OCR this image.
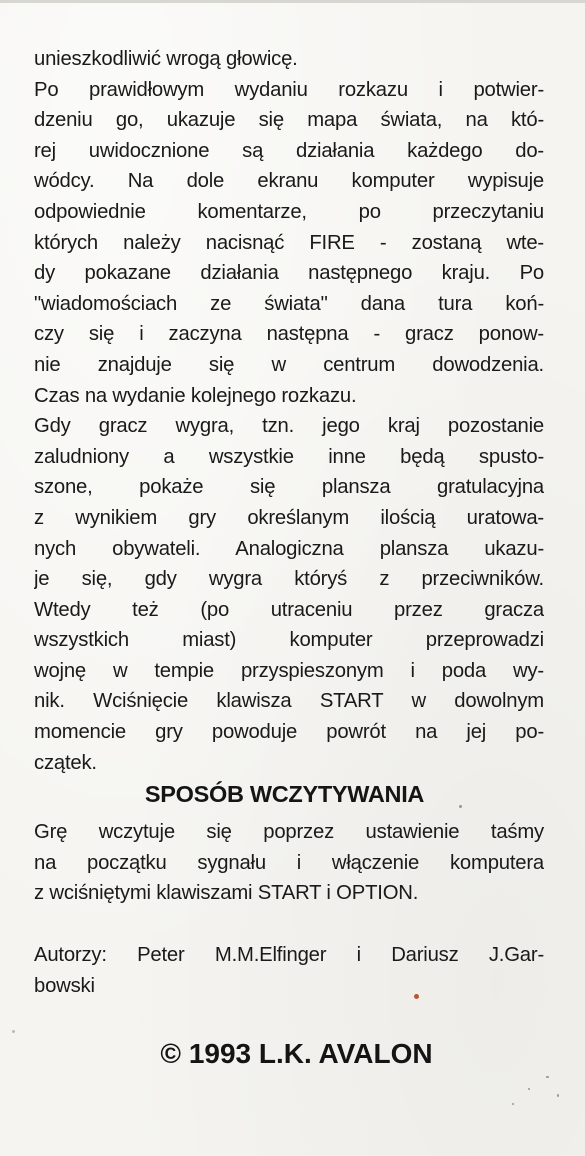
unieszkodliwić wrogą głowicę.
Po prawidłowym wydaniu rozkazu i potwier-
dzeniu go, ukazuje się mapa świata, na któ-
rej uwidocznione są działania każdego do-
wódcy. Na dole ekranu komputer wypisuje
odpowiednie komentarze, po przeczytaniu
których należy nacisnąć FIRE - zostaną wte-
dy pokazane działania następnego kraju. Po
"wiadomościach ze świata" dana tura koń-
czy się i zaczyna następna - gracz ponow-
nie znajduje się w centrum dowodzenia.
Czas na wydanie kolejnego rozkazu.
Gdy gracz wygra, tzn. jego kraj pozostanie
zaludniony a wszystkie inne będą spusto-
szone, pokaże się plansza gratulacyjna
z wynikiem gry określanym ilością uratowa-
nych obywateli. Analogiczna plansza ukazu-
je się, gdy wygra któryś z przeciwników.
Wtedy też (po utraceniu przez gracza
wszystkich miast) komputer przeprowadzi
wojnę w tempie przyspieszonym i poda wy-
nik. Wciśnięcie klawisza START w dowolnym
momencie gry powoduje powrót na jej po-
czątek.
SPOSÓB WCZYTYWANIA
Grę wczytuje się poprzez ustawienie taśmy
na początku sygnału i włączenie komputera
z wciśniętymi klawiszami START i OPTION.
Autorzy: Peter M.M.Elfinger i Dariusz J.Gar-
bowski
© 1993 L.K. AVALON
